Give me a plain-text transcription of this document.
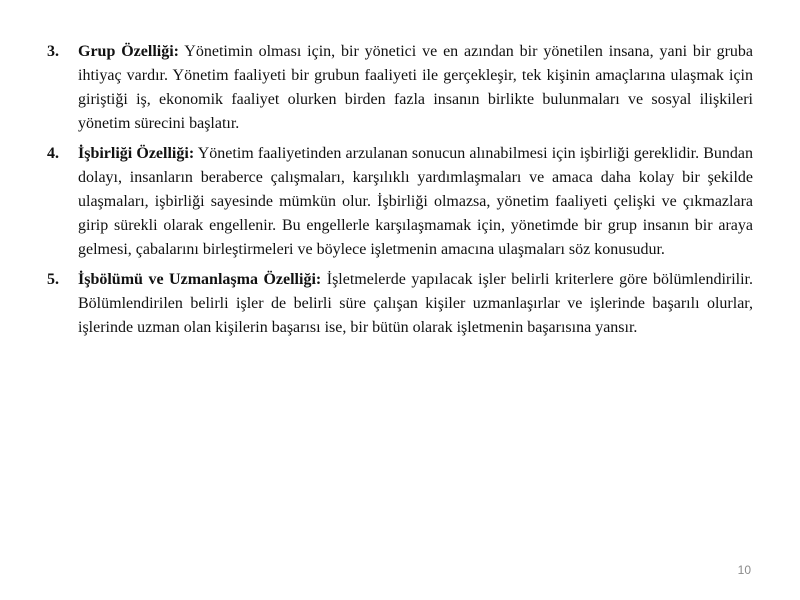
3. Grup Özelliği: Yönetimin olması için, bir yönetici ve en azından bir yönetilen insana, yani bir gruba ihtiyaç vardır. Yönetim faaliyeti bir grubun faaliyeti ile gerçekleşir, tek kişinin amaçlarına ulaşmak için giriştiği iş, ekonomik faaliyet olurken birden fazla insanın birlikte bulunmaları ve sosyal ilişkileri yönetim sürecini başlatır.
4. İşbirliği Özelliği: Yönetim faaliyetinden arzulanan sonucun alınabilmesi için işbirliği gereklidir. Bundan dolayı, insanların beraberce çalışmaları, karşılıklı yardımlaşmaları ve amaca daha kolay bir şekilde ulaşmaları, işbirliği sayesinde mümkün olur. İşbirliği olmazsa, yönetim faaliyeti çelişki ve çıkmazlara girip sürekli olarak engellenir. Bu engellerle karşılaşmamak için, yönetimde bir grup insanın bir araya gelmesi, çabalarını birleştirmeleri ve böylece işletmenin amacına ulaşmaları söz konusudur.
5. İşbölümü ve Uzmanlaşma Özelliği: İşletmelerde yapılacak işler belirli kriterlere göre bölümlendirilir. Bölümlendirilen belirli işler de belirli süre çalışan kişiler uzmanlaşırlar ve işlerinde başarılı olurlar, işlerinde uzman olan kişilerin başarısı ise, bir bütün olarak işletmenin başarısına yansır.
10
